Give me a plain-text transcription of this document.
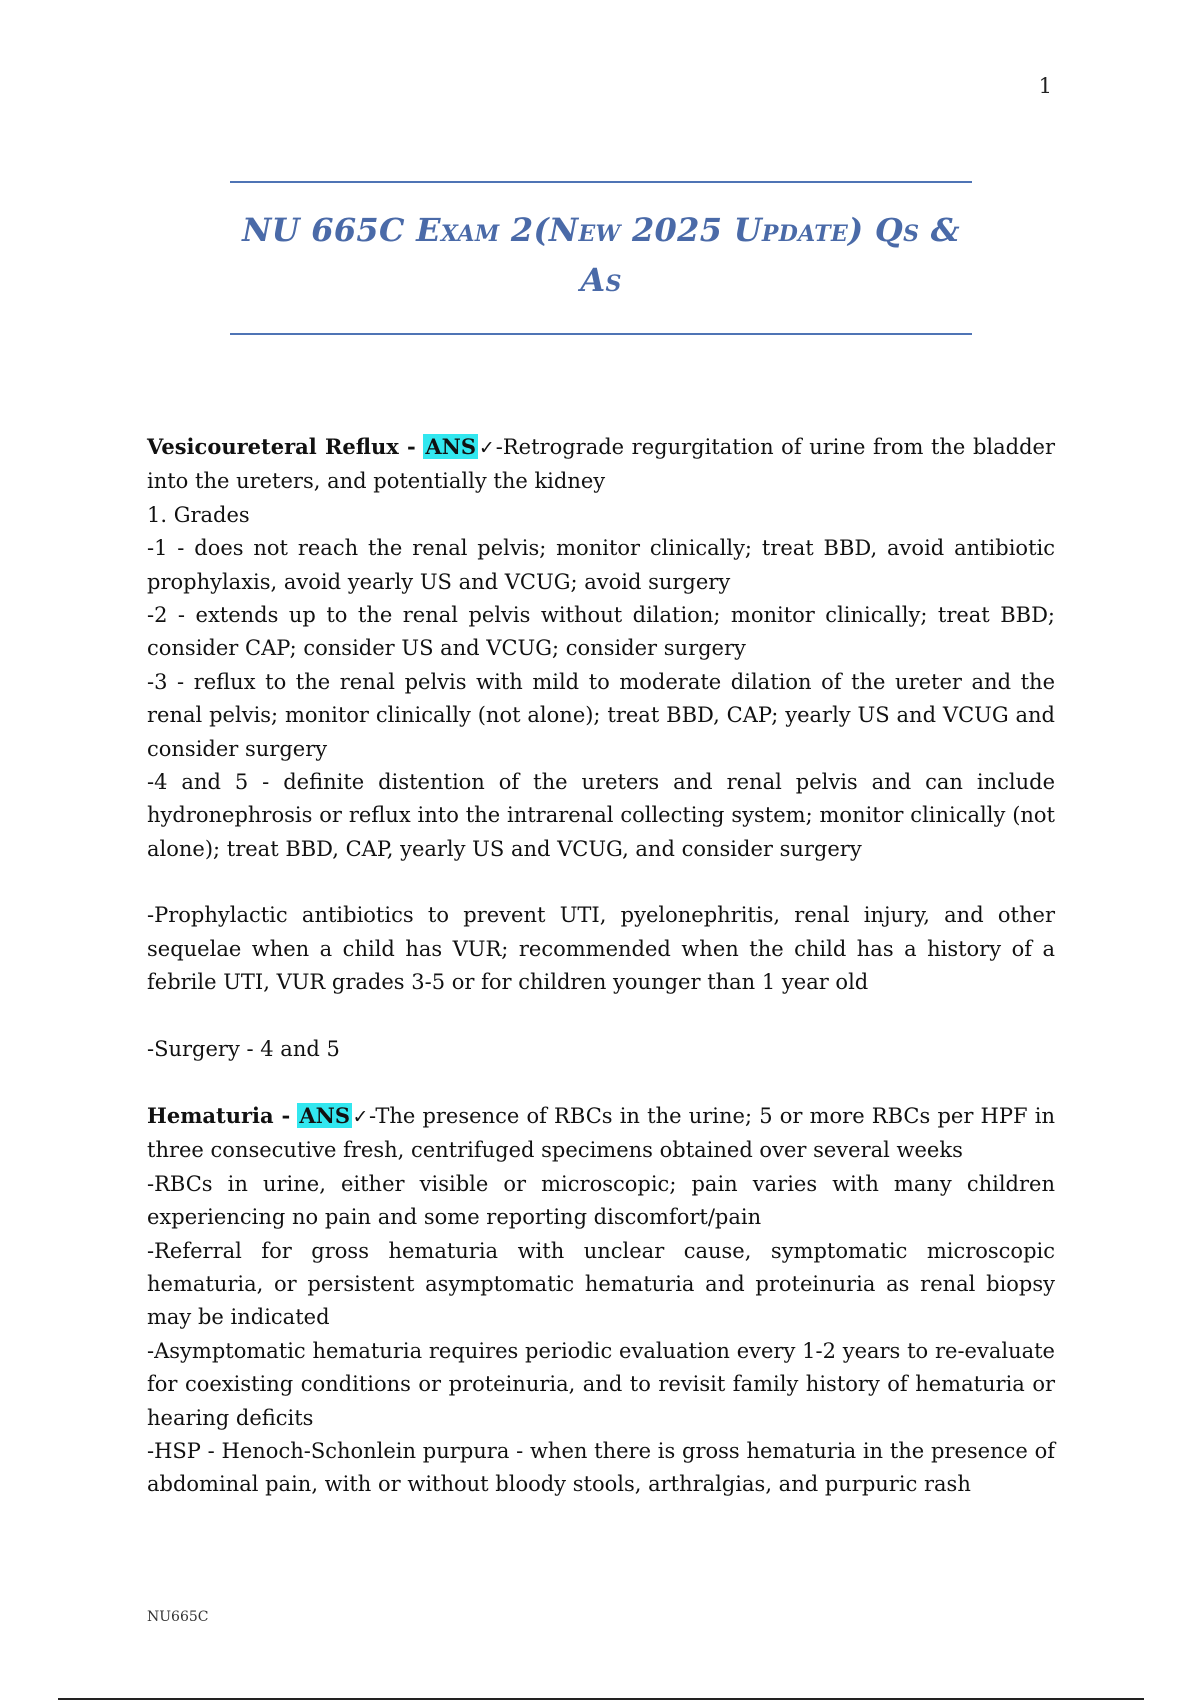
1
NU 665C Exam 2(New 2025 Update) Qs &
As

Vesicoureteral Reflux - ANS ✓-Retrograde regurgitation of urine from the bladder into the ureters, and potentially the kidney

1. Grades

-1 - does not reach the renal pelvis; monitor clinically; treat BBD, avoid antibiotic prophylaxis, avoid yearly US and VCUG; avoid surgery

-2 - extends up to the renal pelvis without dilation; monitor clinically; treat BBD; consider CAP; consider US and VCUG; consider surgery

-3 - reflux to the renal pelvis with mild to moderate dilation of the ureter and the renal pelvis; monitor clinically (not alone); treat BBD, CAP; yearly US and VCUG and consider surgery

-4 and 5 - definite distention of the ureters and renal pelvis and can include hydronephrosis or reflux into the intrarenal collecting system; monitor clinically (not alone); treat BBD, CAP, yearly US and VCUG, and consider surgery

-Prophylactic antibiotics to prevent UTI, pyelonephritis, renal injury, and other sequelae when a child has VUR; recommended when the child has a history of a febrile UTI, VUR grades 3-5 or for children younger than 1 year old

-Surgery - 4 and 5

Hematuria - ANS ✓-The presence of RBCs in the urine; 5 or more RBCs per HPF in three consecutive fresh, centrifuged specimens obtained over several weeks

-RBCs in urine, either visible or microscopic; pain varies with many children experiencing no pain and some reporting discomfort/pain

-Referral for gross hematuria with unclear cause, symptomatic microscopic hematuria, or persistent asymptomatic hematuria and proteinuria as renal biopsy may be indicated

-Asymptomatic hematuria requires periodic evaluation every 1-2 years to re-evaluate for coexisting conditions or proteinuria, and to revisit family history of hematuria or hearing deficits

-HSP - Henoch-Schonlein purpura - when there is gross hematuria in the presence of abdominal pain, with or without bloody stools, arthralgias, and purpuric rash

NU665C
